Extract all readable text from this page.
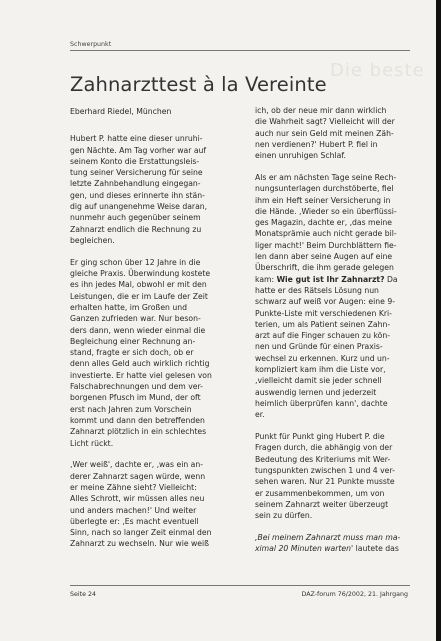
Die beste
Schwerpunkt
Zahnarzttest à la Vereinte
Eberhard Riedel, München
Hubert P. hatte eine dieser unruhi-
gen Nächte. Am Tag vorher war auf
seinem Konto die Erstattungsleis-
tung seiner Versicherung für seine
letzte Zahnbehandlung eingegan-
gen, und dieses erinnerte ihn stän-
dig auf unangenehme Weise daran,
nunmehr auch gegenüber seinem
Zahnarzt endlich die Rechnung zu
begleichen.
Er ging schon über 12 Jahre in die
gleiche Praxis. Überwindung kostete
es ihn jedes Mal, obwohl er mit den
Leistungen, die er im Laufe der Zeit
erhalten hatte, im Großen und
Ganzen zufrieden war. Nur beson-
ders dann, wenn wieder einmal die
Begleichung einer Rechnung an-
stand, fragte er sich doch, ob er
denn alles Geld auch wirklich richtig
investierte. Er hatte viel gelesen von
Falschabrechnungen und dem ver-
borgenen Pfusch im Mund, der oft
erst nach Jahren zum Vorschein
kommt und dann den betreffenden
Zahnarzt plötzlich in ein schlechtes
Licht rückt.
‚Wer weiß', dachte er, ‚was ein an-
derer Zahnarzt sagen würde, wenn
er meine Zähne sieht? Vielleicht:
Alles Schrott, wir müssen alles neu
und anders machen!' Und weiter
überlegte er: ‚Es macht eventuell
Sinn, nach so langer Zeit einmal den
Zahnarzt zu wechseln. Nur wie weiß
ich, ob der neue mir dann wirklich
die Wahrheit sagt? Vielleicht will der
auch nur sein Geld mit meinen Zäh-
nen verdienen?' Hubert P. fiel in
einen unruhigen Schlaf.
Als er am nächsten Tage seine Rech-
nungsunterlagen durchstöberte, fiel
ihm ein Heft seiner Versicherung in
die Hände. ‚Wieder so ein überflüssi-
ges Magazin, dachte er, ‚das meine
Monatsprämie auch nicht gerade bil-
liger macht!' Beim Durchblättern fie-
len dann aber seine Augen auf eine
Überschrift, die ihm gerade gelegen
kam: Wie gut ist Ihr Zahnarzt? Da
hatte er des Rätsels Lösung nun
schwarz auf weiß vor Augen: eine 9-
Punkte-Liste mit verschiedenen Kri-
terien, um als Patient seinen Zahn-
arzt auf die Finger schauen zu kön-
nen und Gründe für einen Praxis-
wechsel zu erkennen. Kurz und un-
kompliziert kam ihm die Liste vor,
‚vielleicht damit sie jeder schnell
auswendig lernen und jederzeit
heimlich überprüfen kann', dachte
er.
Punkt für Punkt ging Hubert P. die
Fragen durch, die abhängig von der
Bedeutung des Kriteriums mit Wer-
tungspunkten zwischen 1 und 4 ver-
sehen waren. Nur 21 Punkte musste
er zusammenbekommen, um von
seinem Zahnarzt weiter überzeugt
sein zu dürfen.
‚Bei meinem Zahnarzt muss man ma-
ximal 20 Minuten warten' lautete das
Seite 24	DAZ-forum 76/2002, 21. Jahrgang
